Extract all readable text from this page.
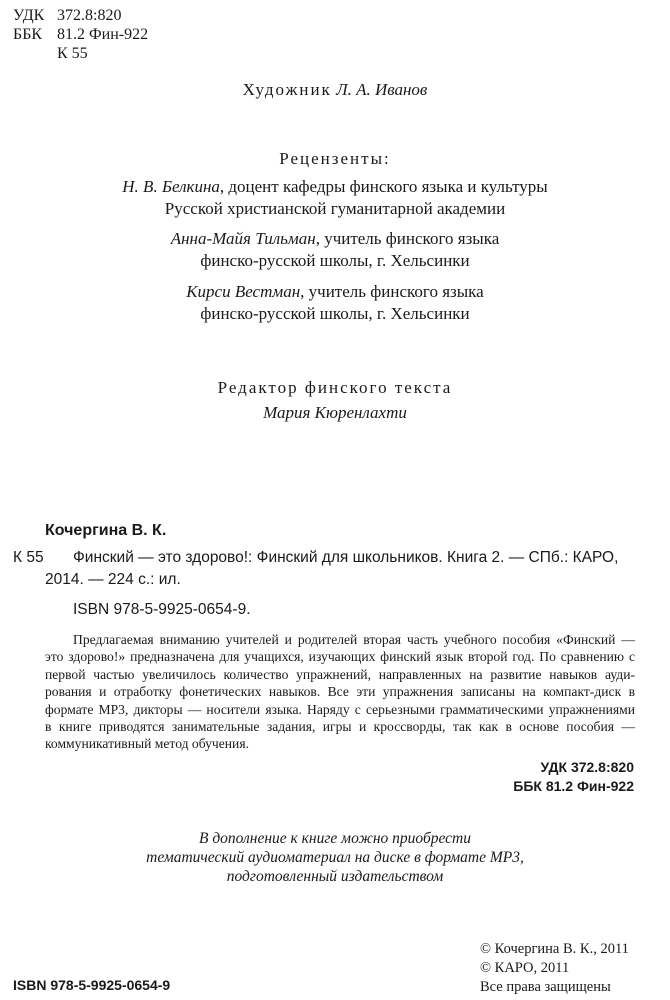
УДК 372.8:820
ББК 81.2 Фин-922
К 55
Художник Л. А. Иванов
Рецензенты:
Н. В. Белкина, доцент кафедры финского языка и культуры
Русской христианской гуманитарной академии
Анна-Майя Тильман, учитель финского языка
финско-русской школы, г. Хельсинки
Кирси Вестман, учитель финского языка
финско-русской школы, г. Хельсинки
Редактор финского текста
Мария Кюренлахти
Кочергина В. К.
К 55 Финский — это здорово!: Финский для школьников. Книга 2. — СПб.: КАРО,
2014. — 224 с.: ил.
ISBN 978-5-9925-0654-9.
Предлагаемая вниманию учителей и родителей вторая часть учебного пособия «Финский —
это здорово!» предназначена для учащихся, изучающих финский язык второй год. По сравнению с
первой частью увеличилось количество упражнений, направленных на развитие навыков ауди-
рования и отработку фонетических навыков. Все эти упражнения записаны на компакт-диск в
формате MP3, дикторы — носители языка. Наряду с серьезными грамматическими упражнениями
в книге приводятся занимательные задания, игры и кроссворды, так как в основе пособия —
коммуникативный метод обучения.
УДК 372.8:820
ББК 81.2 Фин-922
В дополнение к книге можно приобрести
тематический аудиоматериал на диске в формате MP3,
подготовленный издательством
ISBN 978-5-9925-0654-9
© Кочергина В. К., 2011
© КАРО, 2011
Все права защищены
